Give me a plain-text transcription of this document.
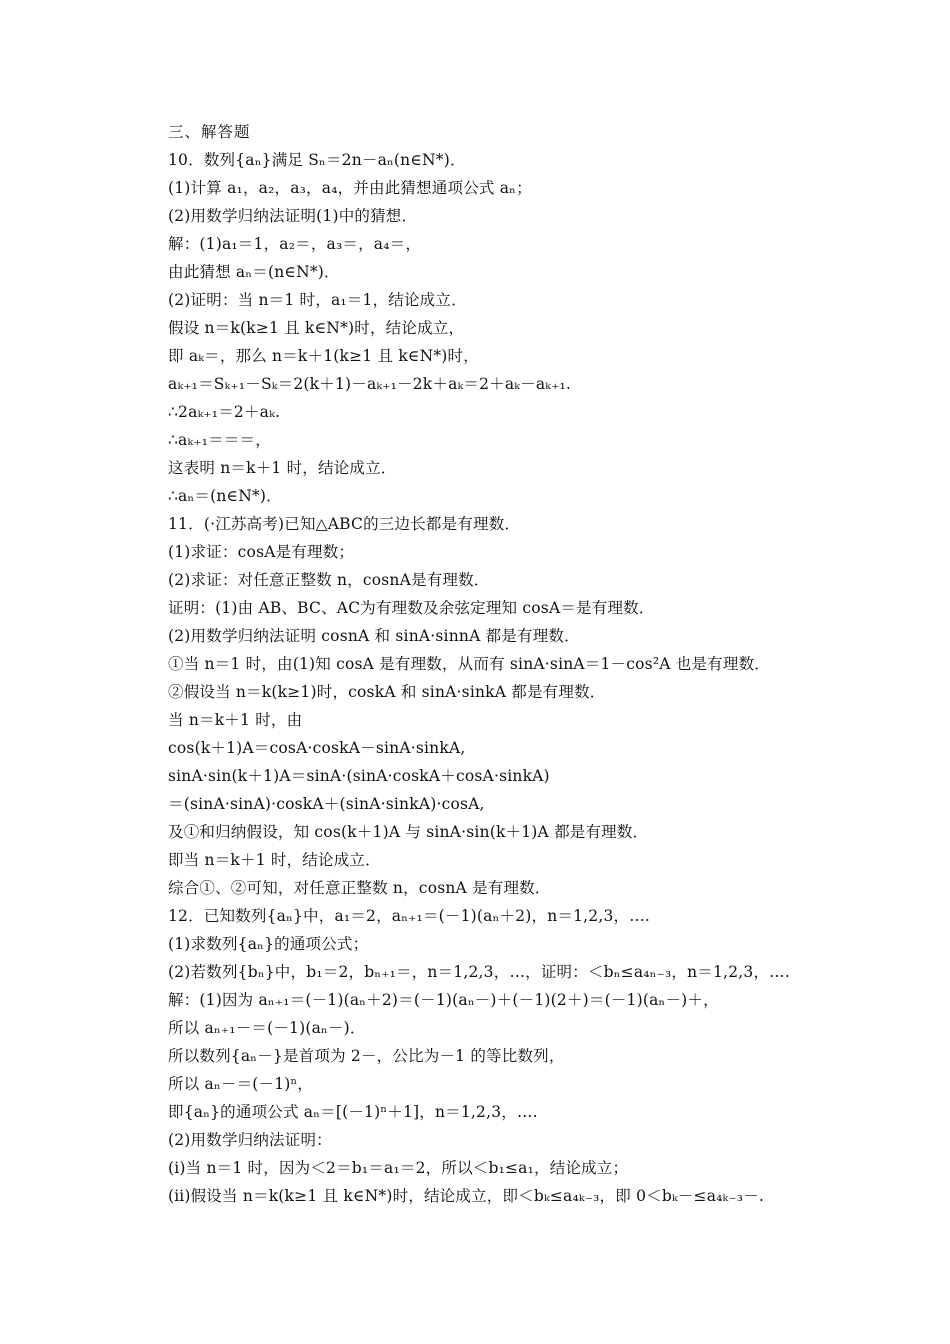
三、解答题
10．数列{aₙ}满足 Sₙ＝2n－aₙ(n∈N*)．
(1)计算 a₁，a₂，a₃，a₄，并由此猜想通项公式 aₙ；
(2)用数学归纳法证明(1)中的猜想．
解：(1)a₁＝1，a₂＝，a₃＝，a₄＝，
由此猜想 aₙ＝(n∈N*)．
(2)证明：当 n＝1 时，a₁＝1，结论成立．
假设 n＝k(k≥1 且 k∈N*)时，结论成立，
即 aₖ＝，那么 n＝k＋1(k≥1 且 k∈N*)时，
aₖ₊₁＝Sₖ₊₁－Sₖ＝2(k＋1)－aₖ₊₁－2k＋aₖ＝2＋aₖ－aₖ₊₁.
∴2aₖ₊₁＝2＋aₖ.
∴aₖ₊₁＝＝＝，
这表明 n＝k＋1 时，结论成立．
∴aₙ＝(n∈N*)．
11．(·江苏高考)已知△ABC的三边长都是有理数．
(1)求证：cosA是有理数；
(2)求证：对任意正整数 n，cosnA是有理数．
证明：(1)由 AB、BC、AC为有理数及余弦定理知 cosA＝是有理数．
(2)用数学归纳法证明 cosnA 和 sinA·sinnA 都是有理数．
①当 n＝1 时，由(1)知 cosA 是有理数，从而有 sinA·sinA＝1－cos²A 也是有理数．
②假设当 n＝k(k≥1)时，coskA 和 sinA·sinkA 都是有理数．
当 n＝k＋1 时，由
cos(k＋1)A＝cosA·coskA－sinA·sinkA,
sinA·sin(k＋1)A＝sinA·(sinA·coskA＋cosA·sinkA)
＝(sinA·sinA)·coskA＋(sinA·sinkA)·cosA,
及①和归纳假设，知 cos(k＋1)A 与 sinA·sin(k＋1)A 都是有理数．
即当 n＝k＋1 时，结论成立．
综合①、②可知，对任意正整数 n，cosnA 是有理数．
12．已知数列{aₙ}中，a₁＝2，aₙ₊₁＝(－1)(aₙ＋2)，n＝1,2,3，….
(1)求数列{aₙ}的通项公式；
(2)若数列{bₙ}中，b₁＝2，bₙ₊₁＝，n＝1,2,3，…，证明：＜bₙ≤a₄ₙ₋₃，n＝1,2,3，….
解：(1)因为 aₙ₊₁＝(－1)(aₙ＋2)＝(－1)(aₙ－)＋(－1)(2＋)＝(－1)(aₙ－)＋，
所以 aₙ₊₁－＝(－1)(aₙ－)．
所以数列{aₙ－}是首项为 2－，公比为－1 的等比数列，
所以 aₙ－＝(－1)ⁿ，
即{aₙ}的通项公式 aₙ＝[(－1)ⁿ＋1]，n＝1,2,3，….
(2)用数学归纳法证明：
(ⅰ)当 n＝1 时，因为＜2＝b₁＝a₁＝2，所以＜b₁≤a₁，结论成立；
(ⅱ)假设当 n＝k(k≥1 且 k∈N*)时，结论成立，即＜bₖ≤a₄ₖ₋₃，即 0＜bₖ－≤a₄ₖ₋₃－.
